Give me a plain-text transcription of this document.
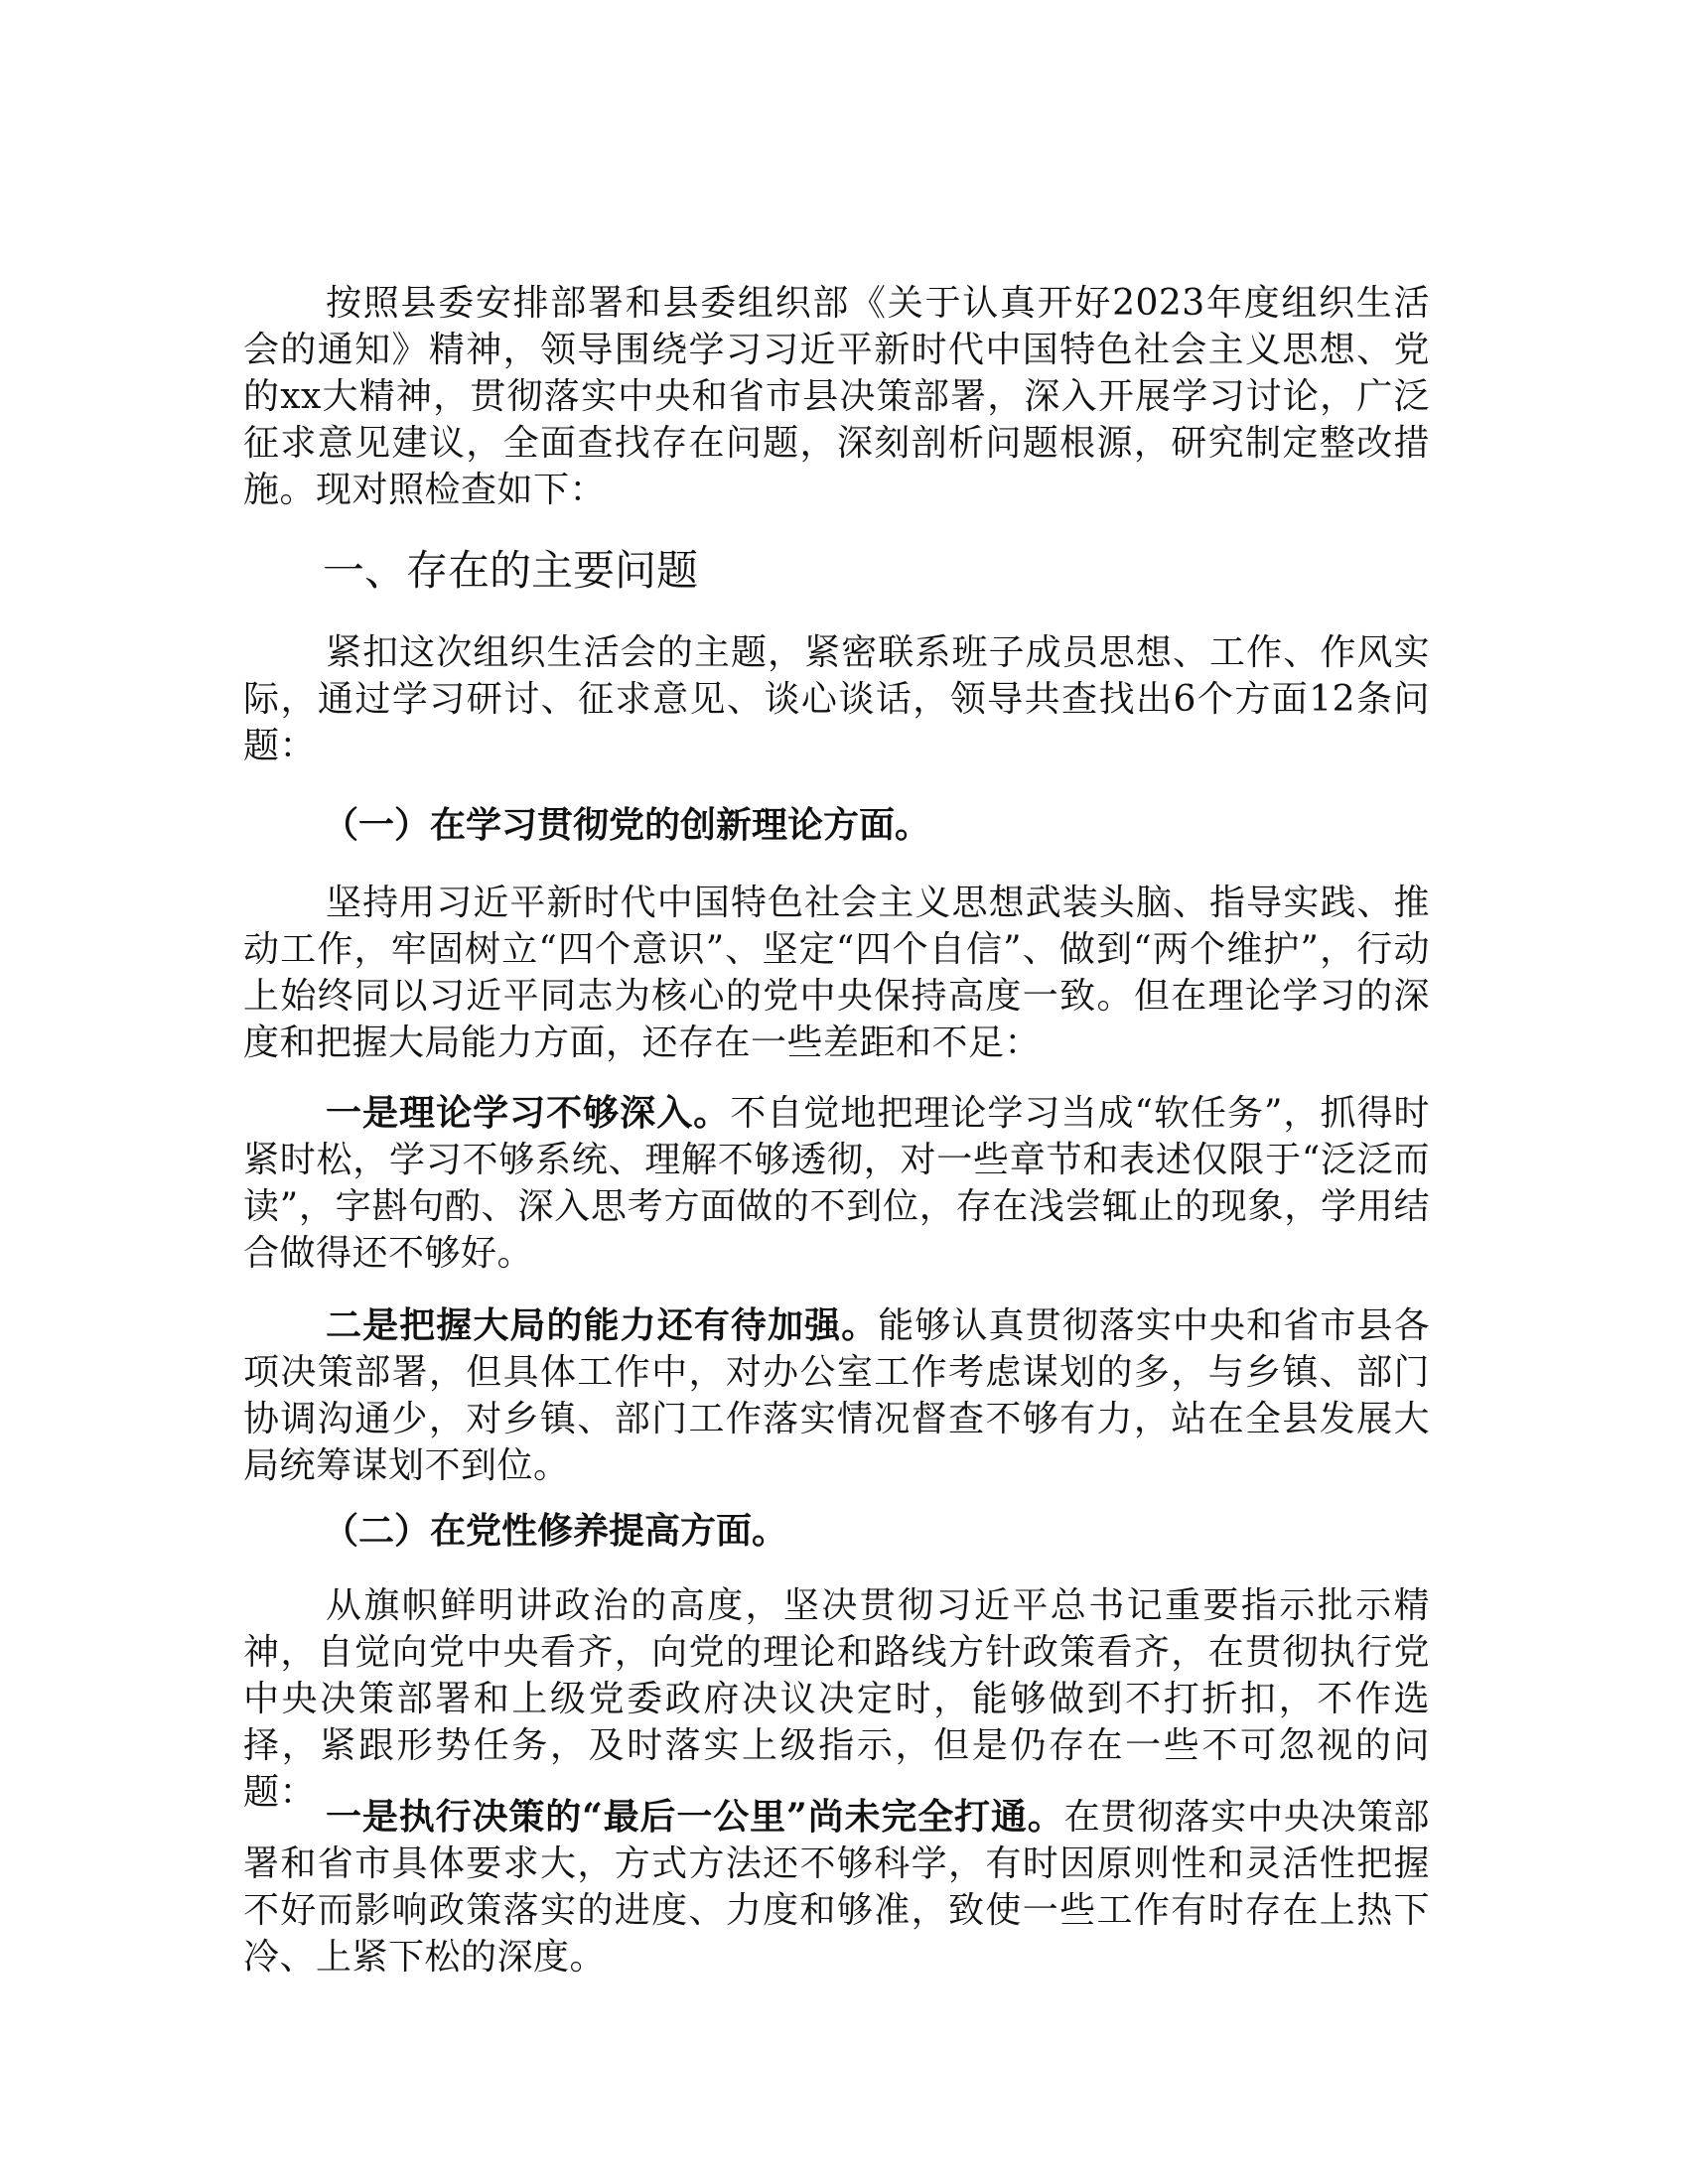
按照县委安排部署和县委组织部《关于认真开好2023年度组织生活会的通知》精神，领导围绕学习习近平新时代中国特色社会主义思想、党的xx大精神，贯彻落实中央和省市县决策部署，深入开展学习讨论，广泛征求意见建议，全面查找存在问题，深刻剖析问题根源，研究制定整改措施。现对照检查如下：

一、存在的主要问题

紧扣这次组织生活会的主题，紧密联系班子成员思想、工作、作风实际，通过学习研讨、征求意见、谈心谈话，领导共查找出6个方面12条问题：

（一）在学习贯彻党的创新理论方面。

坚持用习近平新时代中国特色社会主义思想武装头脑、指导实践、推动工作，牢固树立“四个意识”、坚定“四个自信”、做到“两个维护”，行动上始终同以习近平同志为核心的党中央保持高度一致。但在理论学习的深度和把握大局能力方面，还存在一些差距和不足：

一是理论学习不够深入。不自觉地把理论学习当成“软任务”，抓得时紧时松，学习不够系统、理解不够透彻，对一些章节和表述仅限于“泛泛而读”，字斟句酌、深入思考方面做的不到位，存在浅尝辄止的现象，学用结合做得还不够好。

二是把握大局的能力还有待加强。能够认真贯彻落实中央和省市县各项决策部署，但具体工作中，对办公室工作考虑谋划的多，与乡镇、部门协调沟通少，对乡镇、部门工作落实情况督查不够有力，站在全县发展大局统筹谋划不到位。

（二）在党性修养提高方面。

从旗帜鲜明讲政治的高度，坚决贯彻习近平总书记重要指示批示精神，自觉向党中央看齐，向党的理论和路线方针政策看齐，在贯彻执行党中央决策部署和上级党委政府决议决定时，能够做到不打折扣，不作选择，紧跟形势任务，及时落实上级指示，但是仍存在一些不可忽视的问题：

一是执行决策的“最后一公里”尚未完全打通。在贯彻落实中央决策部署和省市具体要求大，方式方法还不够科学，有时因原则性和灵活性把握不好而影响政策落实的进度、力度和够准，致使一些工作有时存在上热下冷、上紧下松的深度。
